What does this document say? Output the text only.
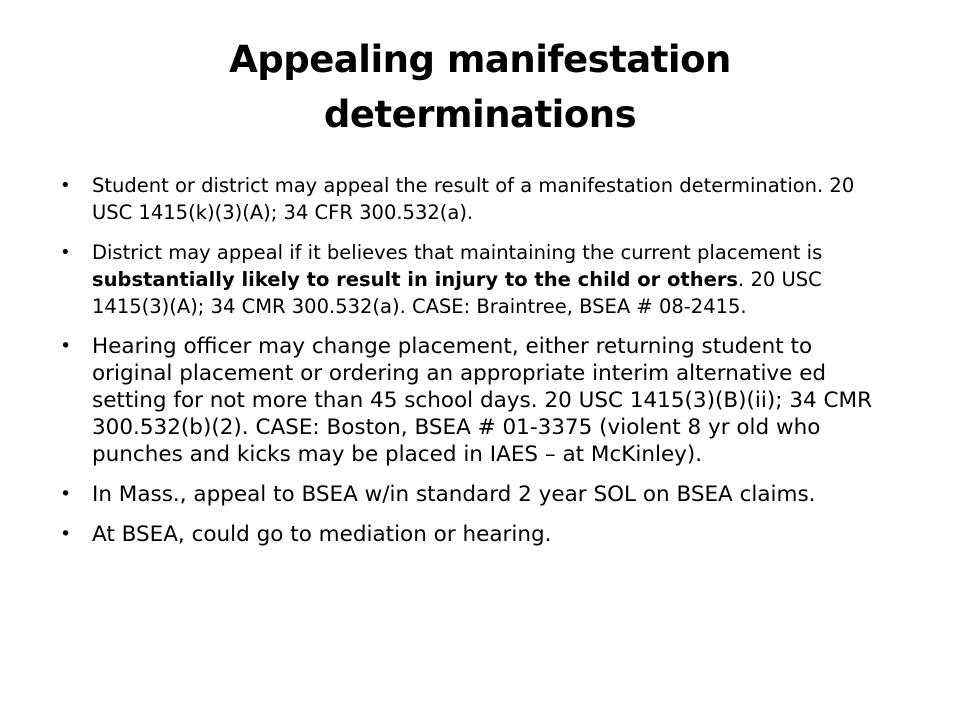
Appealing manifestation
determinations
•	Student or district may appeal the result of a manifestation determination. 20 USC 1415(k)(3)(A); 34 CFR 300.532(a).
•	District may appeal if it believes that maintaining the current placement is substantially likely to result in injury to the child or others. 20 USC 1415(3)(A); 34 CMR 300.532(a). CASE: Braintree, BSEA # 08-2415.
• Hearing officer may change placement, either returning student to original placement or ordering an appropriate interim alternative ed setting for not more than 45 school days. 20 USC 1415(3)(B)(ii); 34 CMR 300.532(b)(2). CASE: Boston, BSEA # 01-3375 (violent 8 yr old who punches and kicks may be placed in IAES – at McKinley).
• In Mass., appeal to BSEA w/in standard 2 year SOL on BSEA claims.
• At BSEA, could go to mediation or hearing.
